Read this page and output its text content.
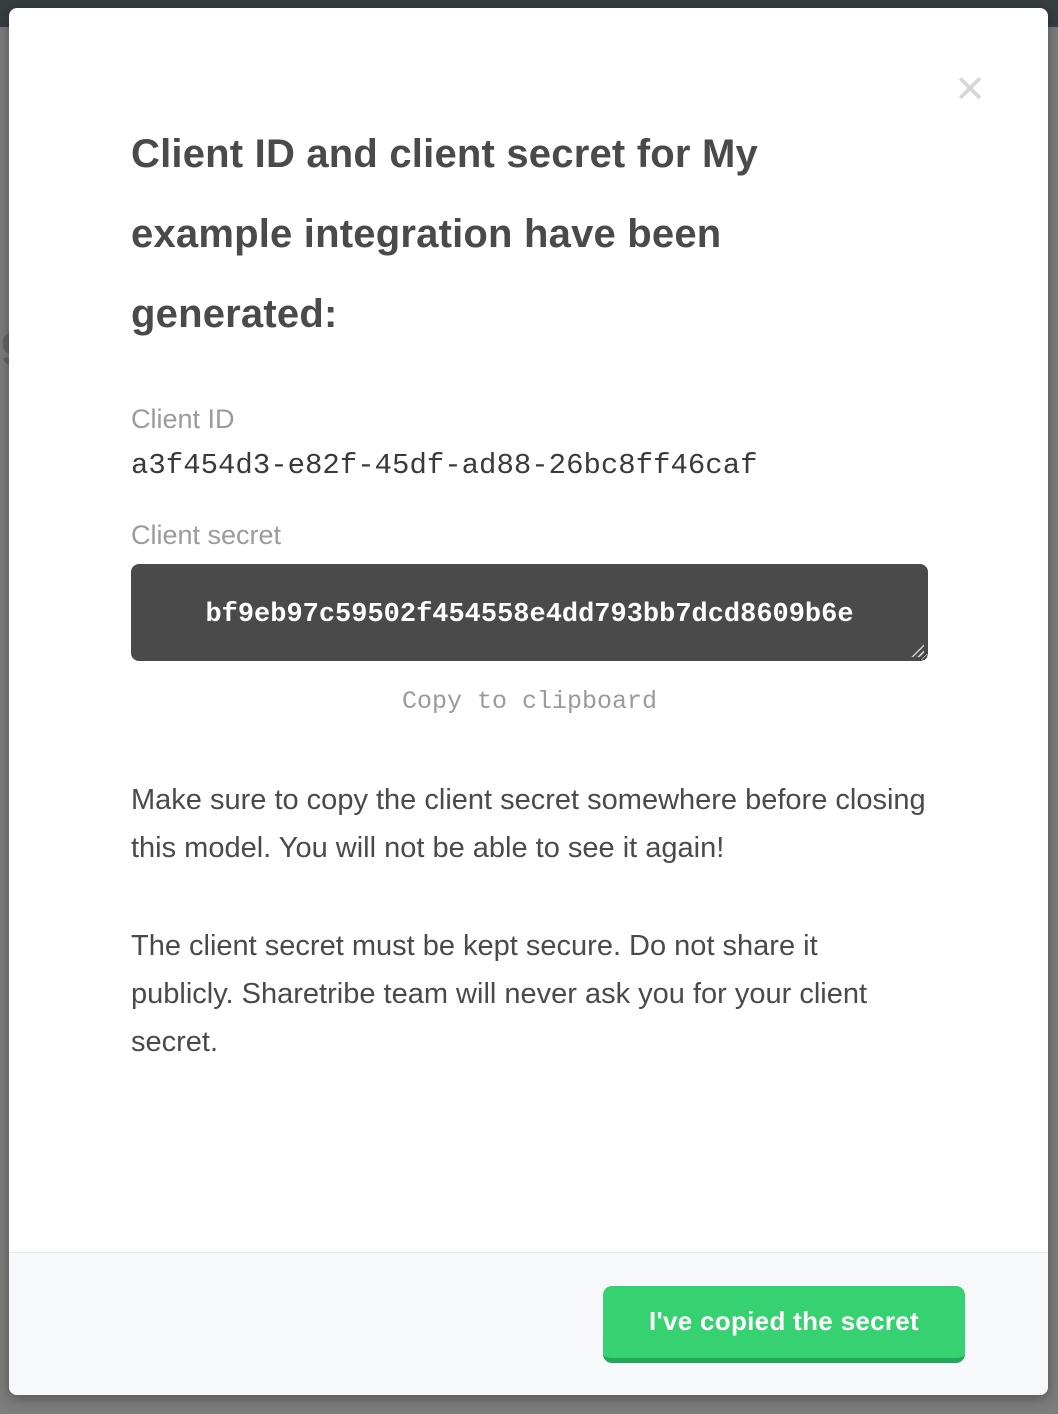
✕
Client ID and client secret for My example integration have been generated:
Client ID
a3f454d3-e82f-45df-ad88-26bc8ff46caf
Client secret
bf9eb97c59502f454558e4dd793bb7dcd8609b6e
Copy to clipboard

Make sure to copy the client secret somewhere before closing this model. You will not be able to see it again!

The client secret must be kept secure. Do not share it publicly. Sharetribe team will never ask you for your client secret.

I've copied the secret
